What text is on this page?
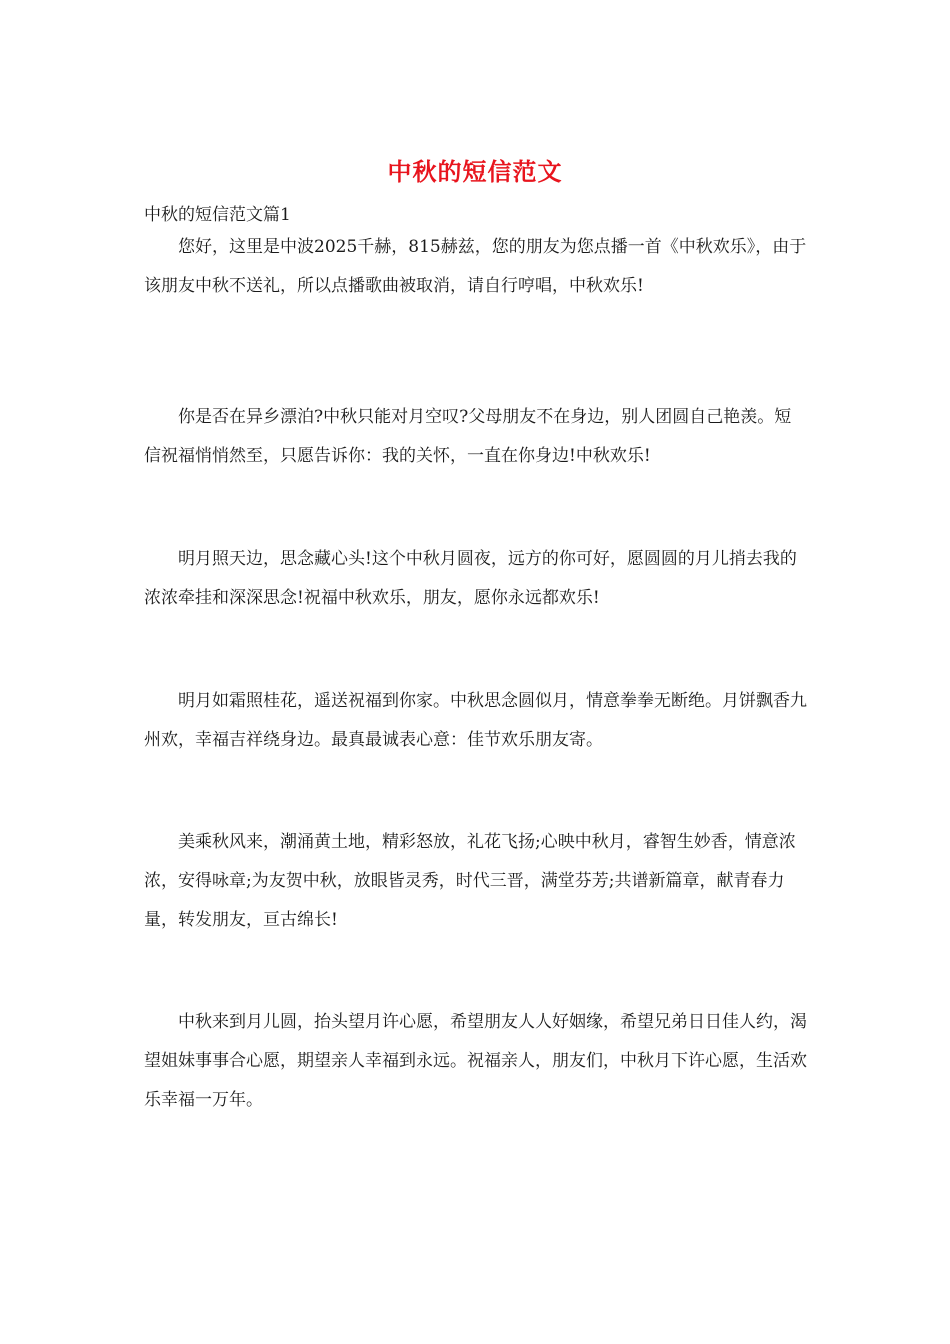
中秋的短信范文

中秋的短信范文篇1

您好，这里是中波2025千赫，815赫兹，您的朋友为您点播一首《中秋欢乐》，由于该朋友中秋不送礼，所以点播歌曲被取消，请自行哼唱，中秋欢乐!

你是否在异乡漂泊?中秋只能对月空叹?父母朋友不在身边，别人团圆自己艳羡。短信祝福悄悄然至，只愿告诉你：我的关怀，一直在你身边!中秋欢乐!

明月照天边，思念藏心头!这个中秋月圆夜，远方的你可好，愿圆圆的月儿捎去我的浓浓牵挂和深深思念!祝福中秋欢乐，朋友，愿你永远都欢乐!

明月如霜照桂花，遥送祝福到你家。中秋思念圆似月，情意拳拳无断绝。月饼飘香九州欢，幸福吉祥绕身边。最真最诚表心意：佳节欢乐朋友寄。

美乘秋风来，潮涌黄土地，精彩怒放，礼花飞扬;心映中秋月，睿智生妙香，情意浓浓，安得咏章;为友贺中秋，放眼皆灵秀，时代三晋，满堂芬芳;共谱新篇章，献青春力量，转发朋友，亘古绵长!

中秋来到月儿圆，抬头望月许心愿，希望朋友人人好姻缘，希望兄弟日日佳人约，渴望姐妹事事合心愿，期望亲人幸福到永远。祝福亲人，朋友们，中秋月下许心愿，生活欢乐幸福一万年。
